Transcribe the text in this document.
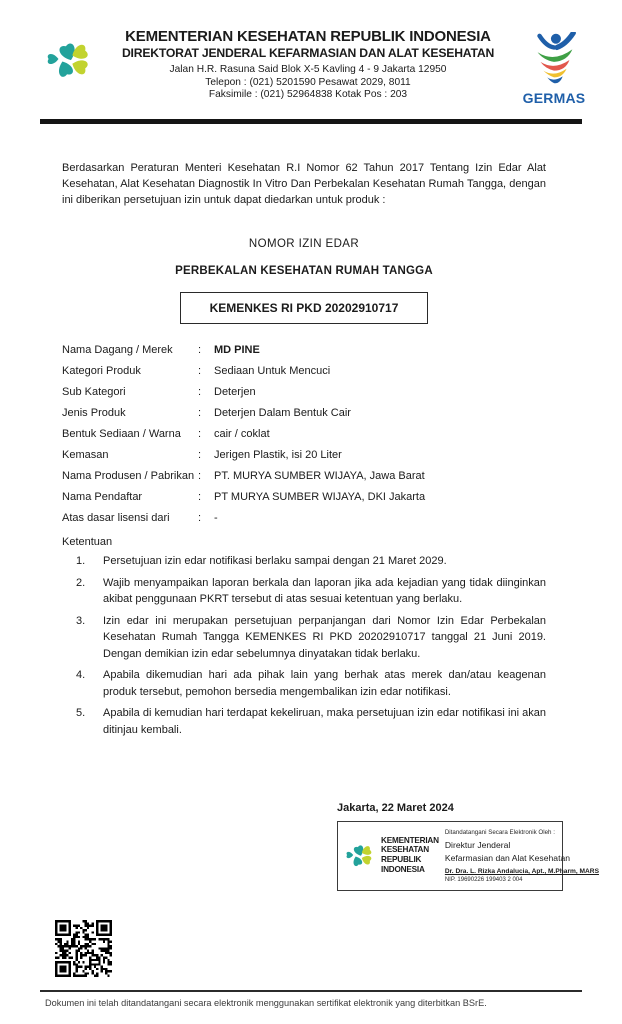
KEMENTERIAN KESEHATAN REPUBLIK INDONESIA
DIREKTORAT JENDERAL KEFARMASIAN DAN ALAT KESEHATAN
Jalan H.R. Rasuna Said Blok X-5 Kavling 4 - 9 Jakarta 12950
Telepon : (021) 5201590 Pesawat 2029, 8011
Faksimile : (021) 52964838 Kotak Pos : 203	GERMAS

Berdasarkan Peraturan Menteri Kesehatan R.I Nomor 62 Tahun 2017 Tentang Izin Edar Alat Kesehatan, Alat Kesehatan Diagnostik In Vitro Dan Perbekalan Kesehatan Rumah Tangga, dengan ini diberikan persetujuan izin untuk dapat diedarkan untuk produk :

NOMOR IZIN EDAR
PERBEKALAN KESEHATAN RUMAH TANGGA
KEMENKES RI PKD 20202910717
Nama Dagang / Merek	:	MD PINE
Kategori Produk	:	Sediaan Untuk Mencuci
Sub Kategori	:	Deterjen
Jenis Produk	:	Deterjen Dalam Bentuk Cair
Bentuk Sediaan / Warna	:	cair / coklat
Kemasan	:	Jerigen Plastik, isi 20 Liter
Nama Produsen / Pabrikan	:	PT. MURYA SUMBER WIJAYA, Jawa Barat
Nama Pendaftar	:	PT MURYA SUMBER WIJAYA, DKI Jakarta
Atas dasar lisensi dari	:	-
Ketentuan
1.	Persetujuan izin edar notifikasi berlaku sampai dengan 21 Maret 2029.
2.	Wajib menyampaikan laporan berkala dan laporan jika ada kejadian yang tidak diinginkan akibat penggunaan PKRT tersebut di atas sesuai ketentuan yang berlaku.
3.	Izin edar ini merupakan persetujuan perpanjangan dari Nomor Izin Edar Perbekalan Kesehatan Rumah Tangga KEMENKES RI PKD 20202910717 tanggal 21 Juni 2019. Dengan demikian izin edar sebelumnya dinyatakan tidak berlaku.
4.	Apabila dikemudian hari ada pihak lain yang berhak atas merek dan/atau keagenan produk tersebut, pemohon bersedia mengembalikan izin edar notifikasi.
5.	Apabila di kemudian hari terdapat kekeliruan, maka persetujuan izin edar notifikasi ini akan ditinjau kembali.
Jakarta, 22 Maret 2024
KEMENTERIAN
KESEHATAN
REPUBLIK
INDONESIA
Ditandatangani Secara Elektronik Oleh :
Direktur Jenderal
Kefarmasian dan Alat Kesehatan
Dr. Dra. L. Rizka Andalucia, Apt., M.Pharm, MARS
NIP. 19690226 199403 2 004
Dokumen ini telah ditandatangani secara elektronik menggunakan sertifikat elektronik yang diterbitkan BSrE.
